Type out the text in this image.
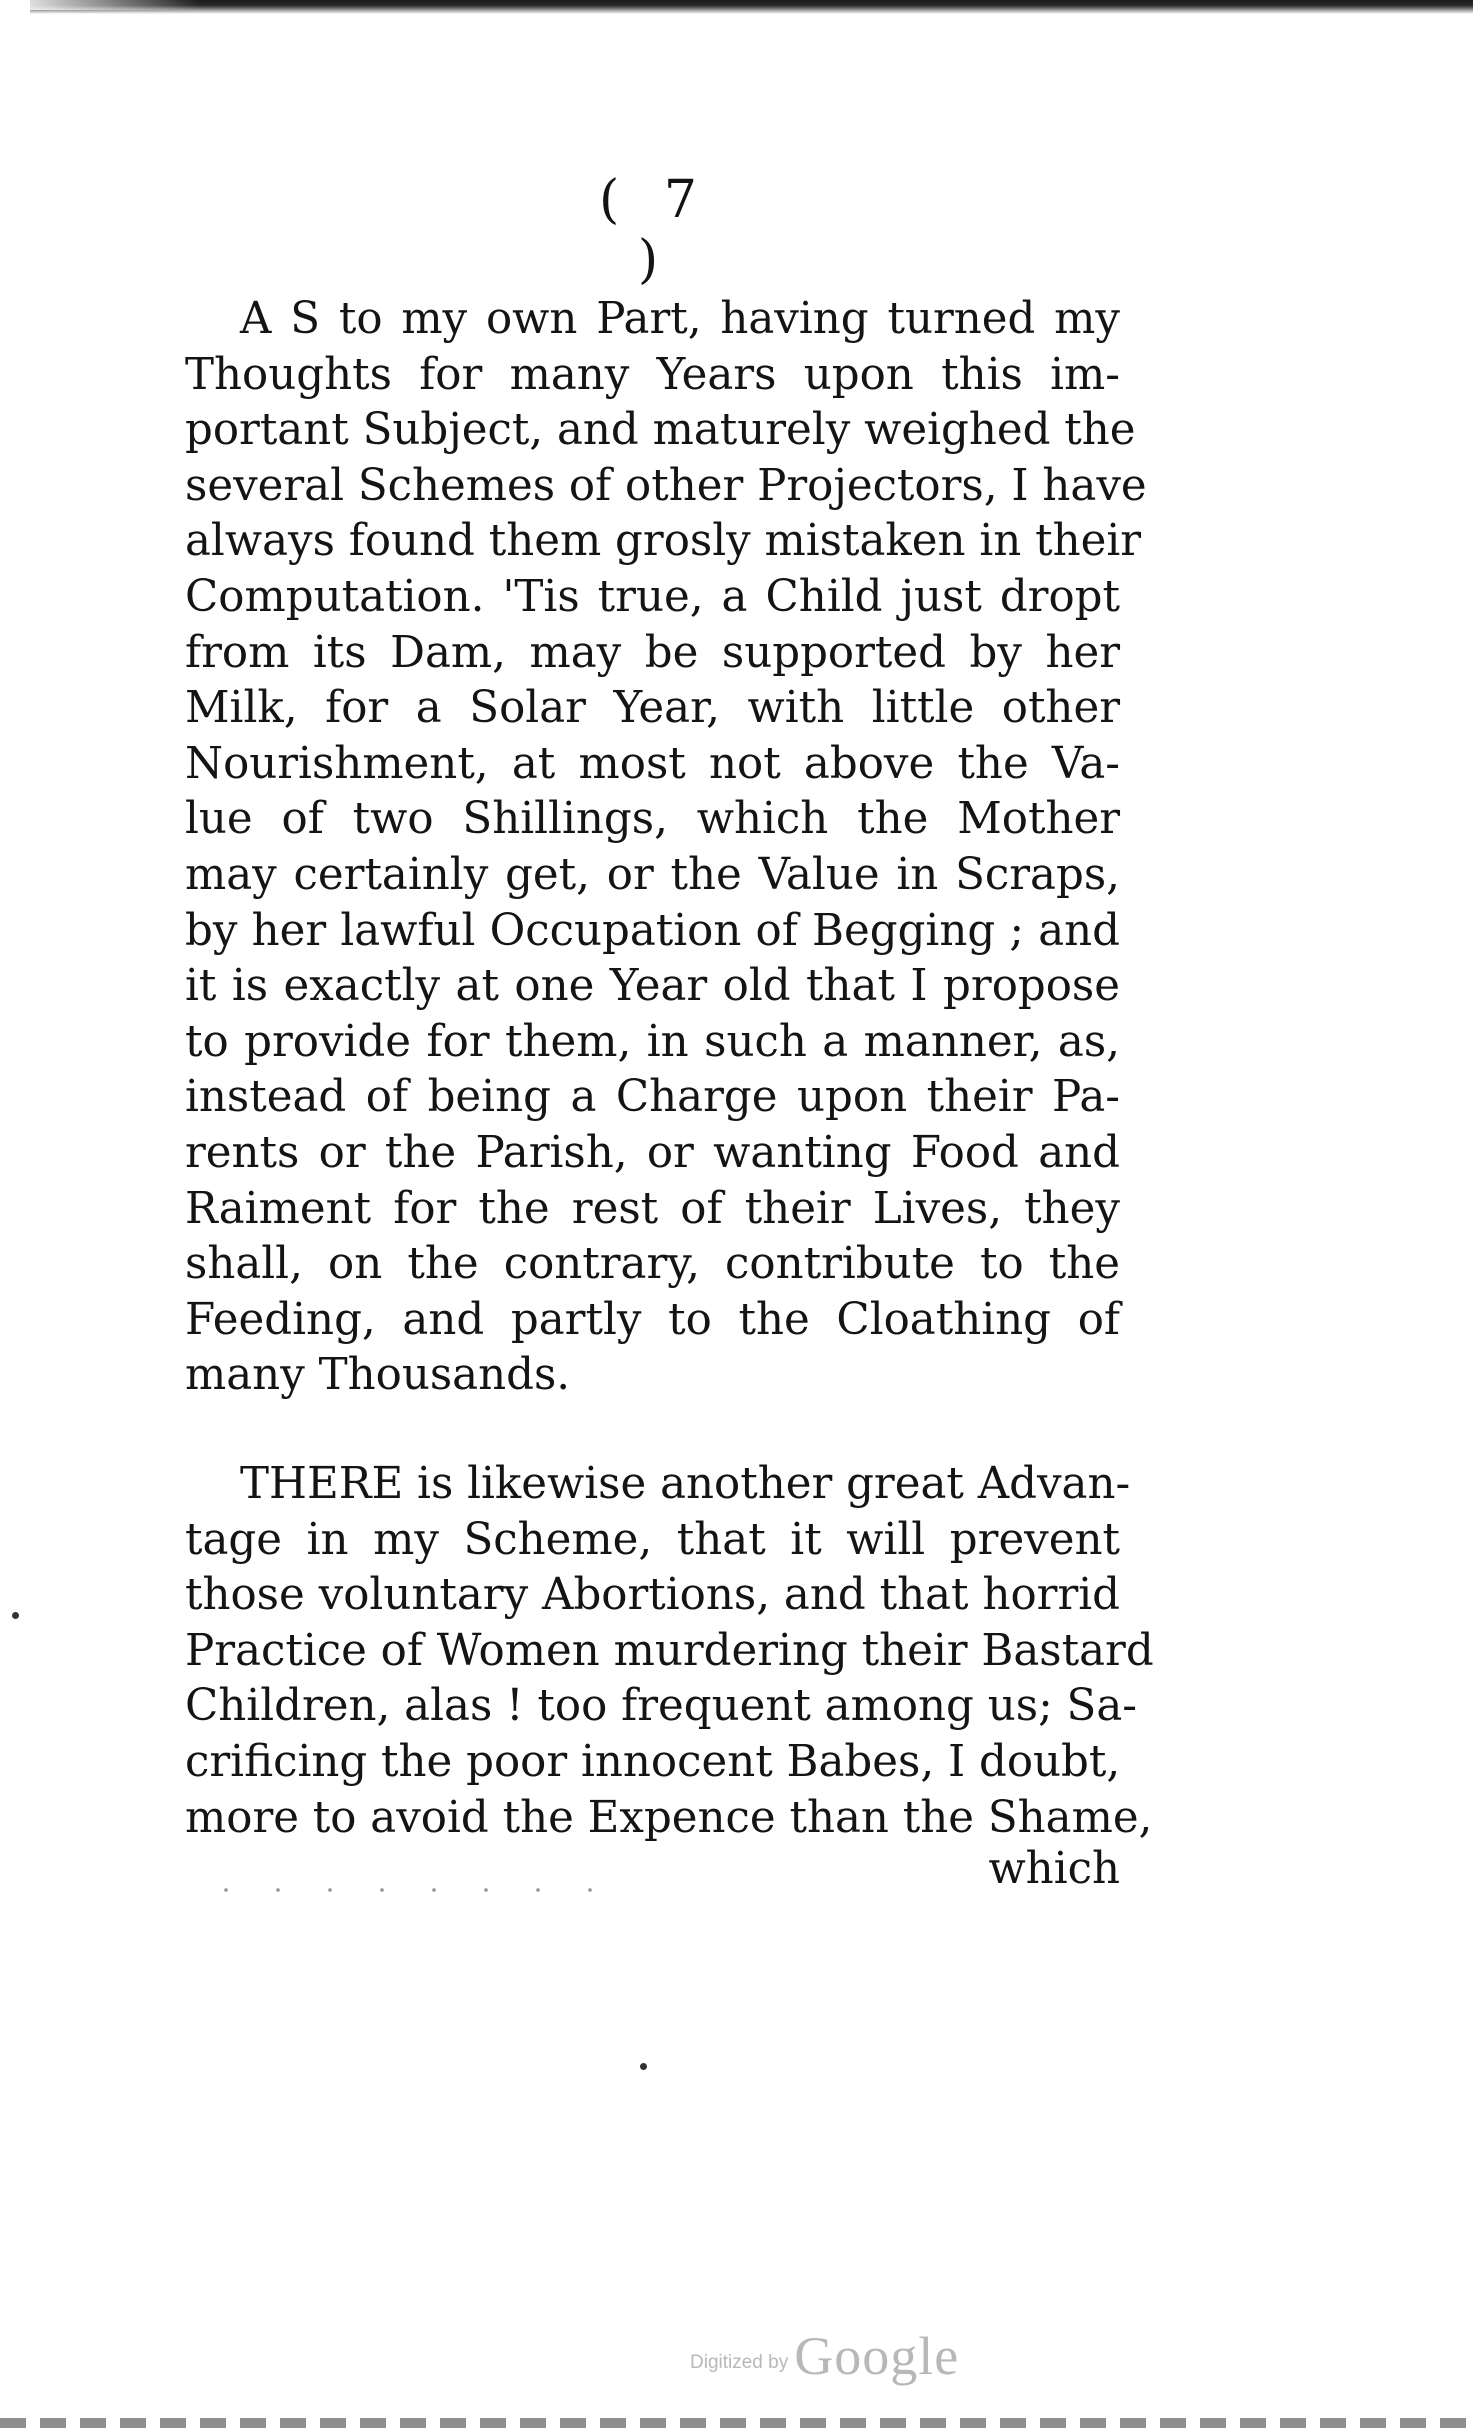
( 7 )
A S to my own Part, having turned my
Thoughts for many Years upon this im-
portant Subject, and maturely weighed the
several Schemes of other Projectors, I have
always found them grosly mistaken in their
Computation. 'Tis true, a Child just dropt
from its Dam, may be supported by her
Milk, for a Solar Year, with little other
Nourishment, at most not above the Va-
lue of two Shillings, which the Mother
may certainly get, or the Value in Scraps,
by her lawful Occupation of Begging ; and
it is exactly at one Year old that I propose
to provide for them, in such a manner, as,
instead of being a Charge upon their Pa-
rents or the Parish, or wanting Food and
Raiment for the rest of their Lives, they
shall, on the contrary, contribute to the
Feeding, and partly to the Cloathing of
many Thousands.
THERE is likewise another great Advan-
tage in my Scheme, that it will prevent
those voluntary Abortions, and that horrid
Practice of Women murdering their Bastard
Children, alas ! too frequent among us; Sa-
crificing the poor innocent Babes, I doubt,
more to avoid the Expence than the Shame,
which
Digitized by Google
